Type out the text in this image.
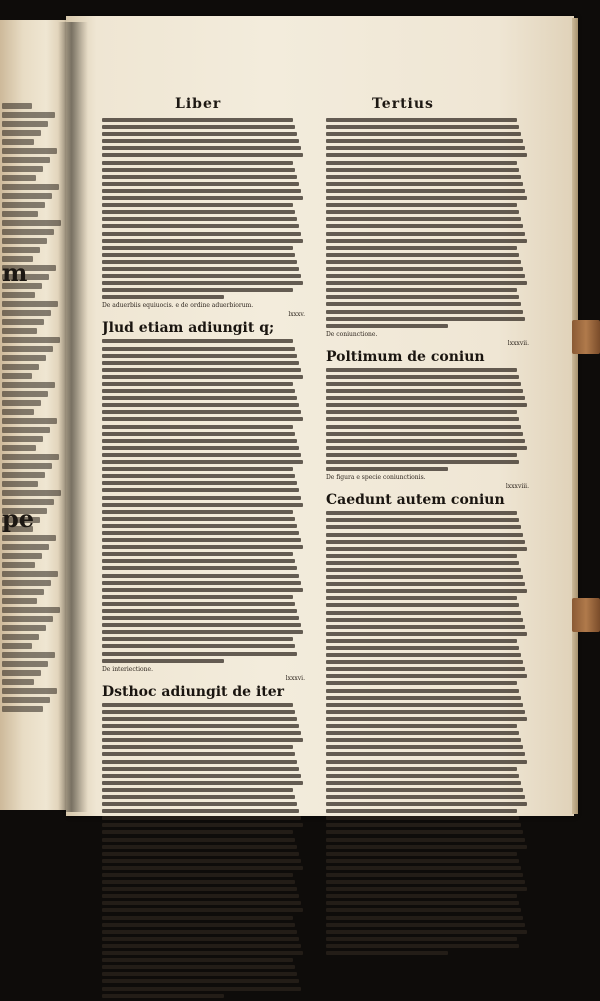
m
pe
Liber	Tertius
De aduerbiis equiuocis. e de ordine aduerbiorum.
lxxxv.
Jlud etiam adiungit q;
De interiectione.
lxxxvi.
Dsthoc adiungit de iter
De coniunctione.
lxxxvii.
Poltimum de coniun
De figura e specie coniunctionis.
lxxxviii.
Caedunt autem coniun
